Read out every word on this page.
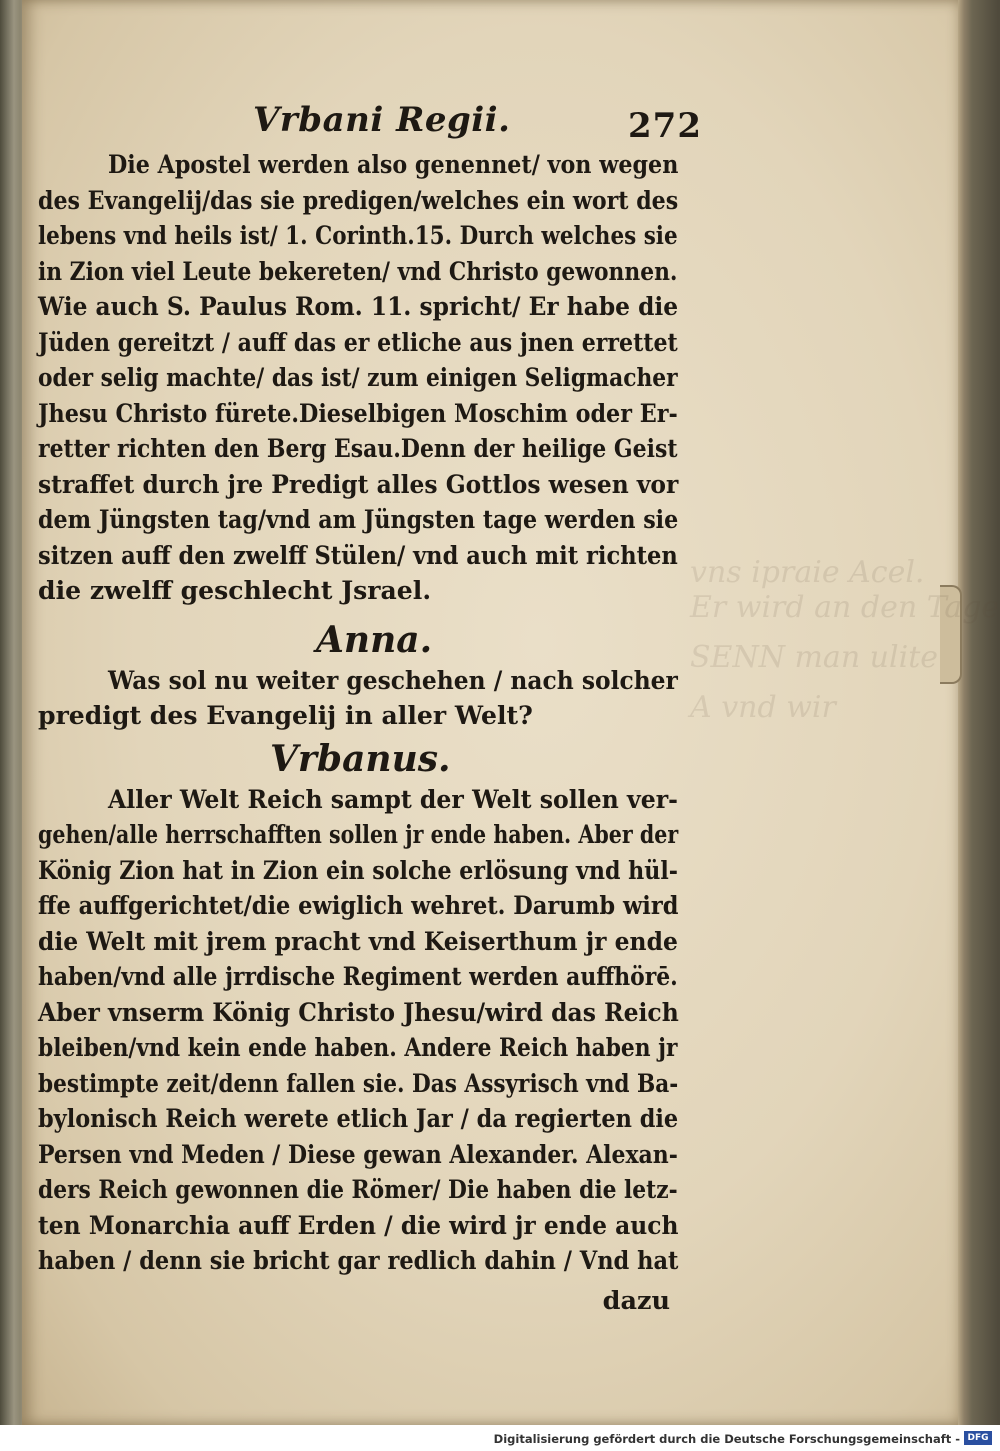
vns ipraie Acel.
Er wird an den Tage
SENN man ulite
A vnd wir
Vrbani Regii.	272
Die Apostel werden also genennet/ von wegen
des Evangelij/das sie predigen/welches ein wort des
lebens vnd heils ist/ 1. Corinth.15. Durch welches sie
in Zion viel Leute bekereten/ vnd Christo gewonnen.
Wie auch S. Paulus Rom. 11. spricht/ Er habe die
Jüden gereitzt / auff das er etliche aus jnen errettet
oder selig machte/ das ist/ zum einigen Seligmacher
Jhesu Christo fürete.Dieselbigen Moschim oder Er-
retter richten den Berg Esau.Denn der heilige Geist
straffet durch jre Predigt alles Gottlos wesen vor
dem Jüngsten tag/vnd am Jüngsten tage werden sie
sitzen auff den zwelff Stülen/ vnd auch mit richten
die zwelff geschlecht Jsrael.
Anna.
Was sol nu weiter geschehen / nach solcher
predigt des Evangelij in aller Welt?
Vrbanus.
Aller Welt Reich sampt der Welt sollen ver-
gehen/alle herrschafften sollen jr ende haben. Aber der
König Zion hat in Zion ein solche erlösung vnd hül-
ffe auffgerichtet/die ewiglich wehret. Darumb wird
die Welt mit jrem pracht vnd Keiserthum jr ende
haben/vnd alle jrrdische Regiment werden auffhörē.
Aber vnserm König Christo Jhesu/wird das Reich
bleiben/vnd kein ende haben. Andere Reich haben jr
bestimpte zeit/denn fallen sie. Das Assyrisch vnd Ba-
bylonisch Reich werete etlich Jar / da regierten die
Persen vnd Meden / Diese gewan Alexander. Alexan-
ders Reich gewonnen die Römer/ Die haben die letz-
ten Monarchia auff Erden / die wird jr ende auch
haben / denn sie bricht gar redlich dahin / Vnd hat
dazu
Digitalisierung gefördert durch die Deutsche Forschungsgemeinschaft - DFG
